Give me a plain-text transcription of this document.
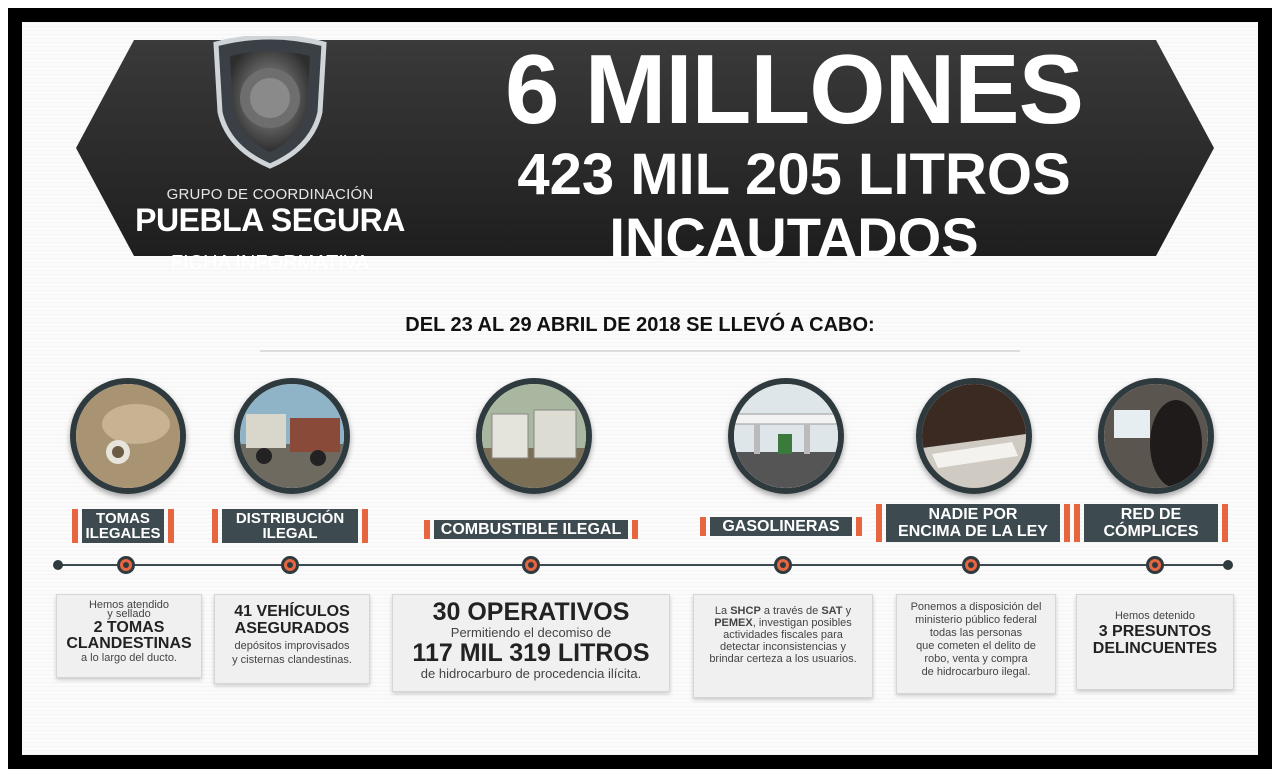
GRUPO DE COORDINACIÓN
PUEBLA SEGURA
FICHA INFORMATIVA
6 MILLONES
423 MIL 205 LITROS
INCAUTADOS
DEL 23 AL 29 ABRIL DE 2018 SE LLEVÓ A CABO:
TOMAS
ILEGALES
DISTRIBUCIÓN
ILEGAL	COMBUSTIBLE ILEGAL	GASOLINERAS
NADIE POR
ENCIMA DE LA LEY
RED DE
CÓMPLICES
Hemos atendido
y sellado
2 TOMAS
CLANDESTINAS
a lo largo del ducto.
41 VEHÍCULOS
ASEGURADOS
depósitos improvisados
y cisternas clandestinas.
30 OPERATIVOS
Permitiendo el decomiso de
117 MIL 319 LITROS
de hidrocarburo de procedencia ilícita.
La SHCP a través de SAT y
PEMEX, investigan posibles
actividades fiscales para
detectar inconsistencias y
brindar certeza a los usuarios.
Ponemos a disposición del
ministerio público federal
todas las personas
que cometen el delito de
robo, venta y compra
de hidrocarburo ilegal.
Hemos detenido
3 PRESUNTOS
DELINCUENTES
